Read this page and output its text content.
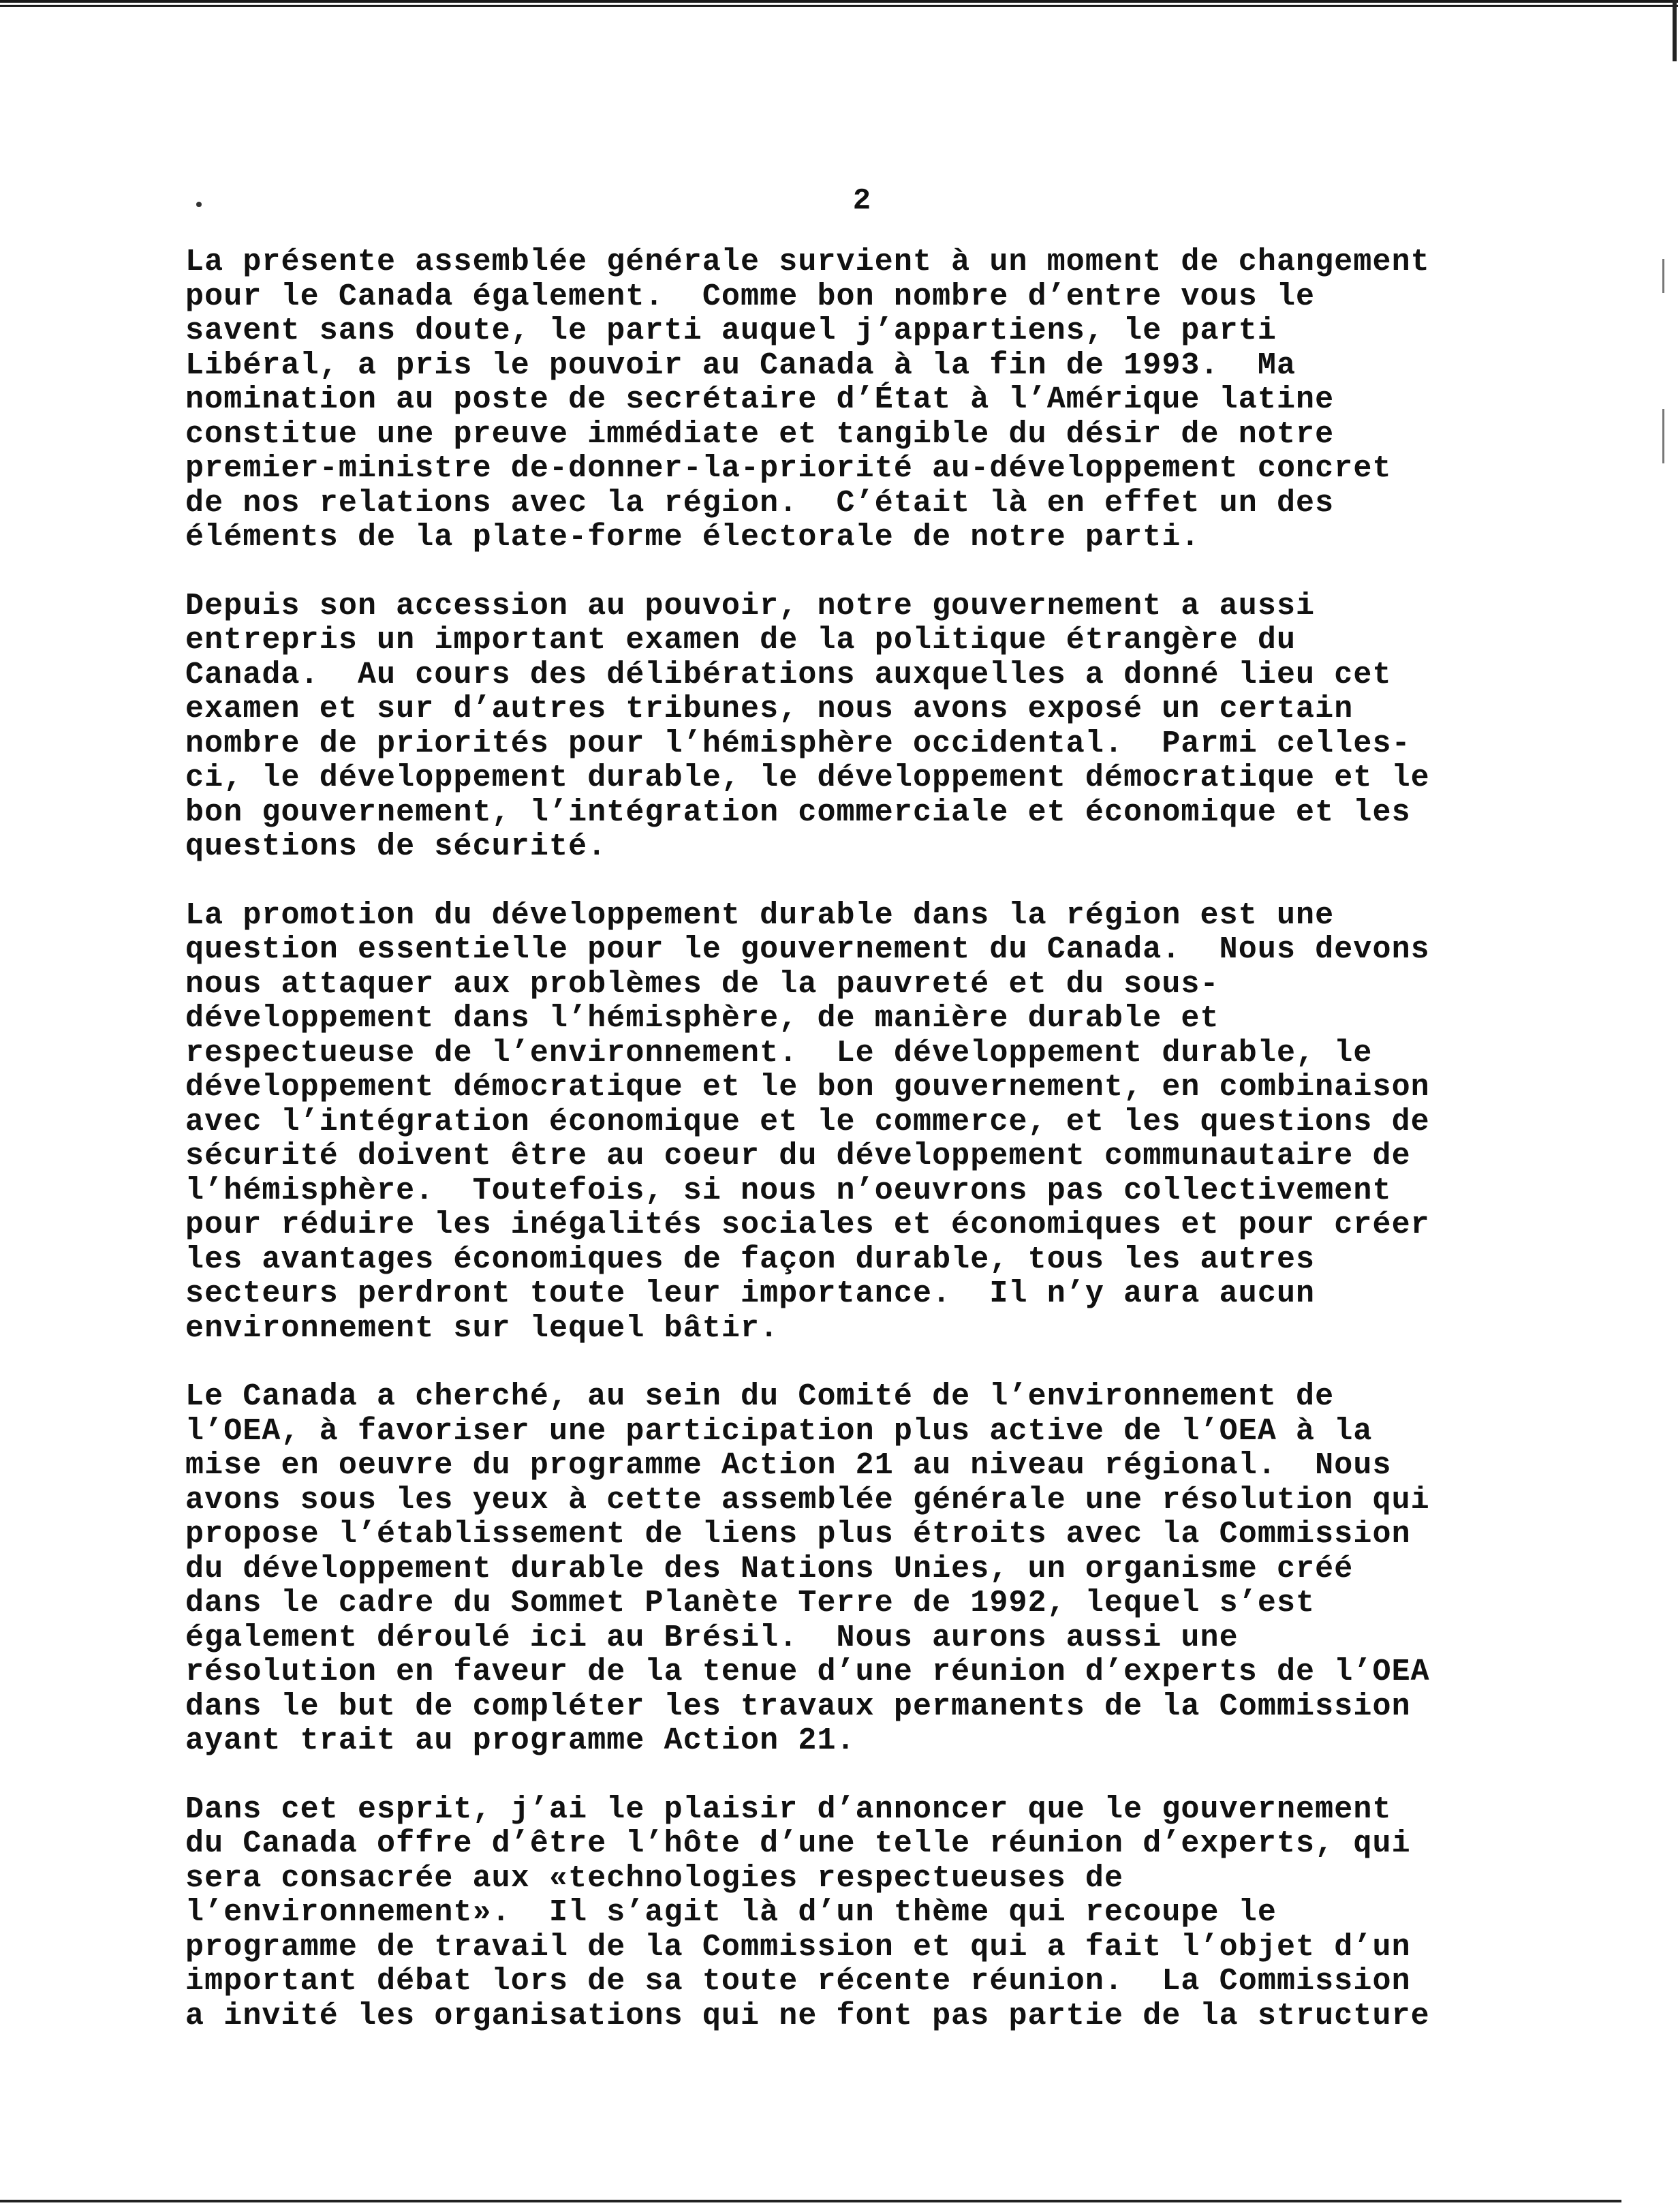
2

La présente assemblée générale survient à un moment de changement
pour le Canada également.  Comme bon nombre d’entre vous le
savent sans doute, le parti auquel j’appartiens, le parti
Libéral, a pris le pouvoir au Canada à la fin de 1993.  Ma
nomination au poste de secrétaire d’État à l’Amérique latine
constitue une preuve immédiate et tangible du désir de notre
premier-ministre de-donner-la-priorité au-développement concret
de nos relations avec la région.  C’était là en effet un des
éléments de la plate-forme électorale de notre parti.

Depuis son accession au pouvoir, notre gouvernement a aussi
entrepris un important examen de la politique étrangère du
Canada.  Au cours des délibérations auxquelles a donné lieu cet
examen et sur d’autres tribunes, nous avons exposé un certain
nombre de priorités pour l’hémisphère occidental.  Parmi celles-
ci, le développement durable, le développement démocratique et le
bon gouvernement, l’intégration commerciale et économique et les
questions de sécurité.

La promotion du développement durable dans la région est une
question essentielle pour le gouvernement du Canada.  Nous devons
nous attaquer aux problèmes de la pauvreté et du sous-
développement dans l’hémisphère, de manière durable et
respectueuse de l’environnement.  Le développement durable, le
développement démocratique et le bon gouvernement, en combinaison
avec l’intégration économique et le commerce, et les questions de
sécurité doivent être au coeur du développement communautaire de
l’hémisphère.  Toutefois, si nous n’oeuvrons pas collectivement
pour réduire les inégalités sociales et économiques et pour créer
les avantages économiques de façon durable, tous les autres
secteurs perdront toute leur importance.  Il n’y aura aucun
environnement sur lequel bâtir.

Le Canada a cherché, au sein du Comité de l’environnement de
l’OEA, à favoriser une participation plus active de l’OEA à la
mise en oeuvre du programme Action 21 au niveau régional.  Nous
avons sous les yeux à cette assemblée générale une résolution qui
propose l’établissement de liens plus étroits avec la Commission
du développement durable des Nations Unies, un organisme créé
dans le cadre du Sommet Planète Terre de 1992, lequel s’est
également déroulé ici au Brésil.  Nous aurons aussi une
résolution en faveur de la tenue d’une réunion d’experts de l’OEA
dans le but de compléter les travaux permanents de la Commission
ayant trait au programme Action 21.

Dans cet esprit, j’ai le plaisir d’annoncer que le gouvernement
du Canada offre d’être l’hôte d’une telle réunion d’experts, qui
sera consacrée aux «technologies respectueuses de
l’environnement».  Il s’agit là d’un thème qui recoupe le
programme de travail de la Commission et qui a fait l’objet d’un
important débat lors de sa toute récente réunion.  La Commission
a invité les organisations qui ne font pas partie de la structure
